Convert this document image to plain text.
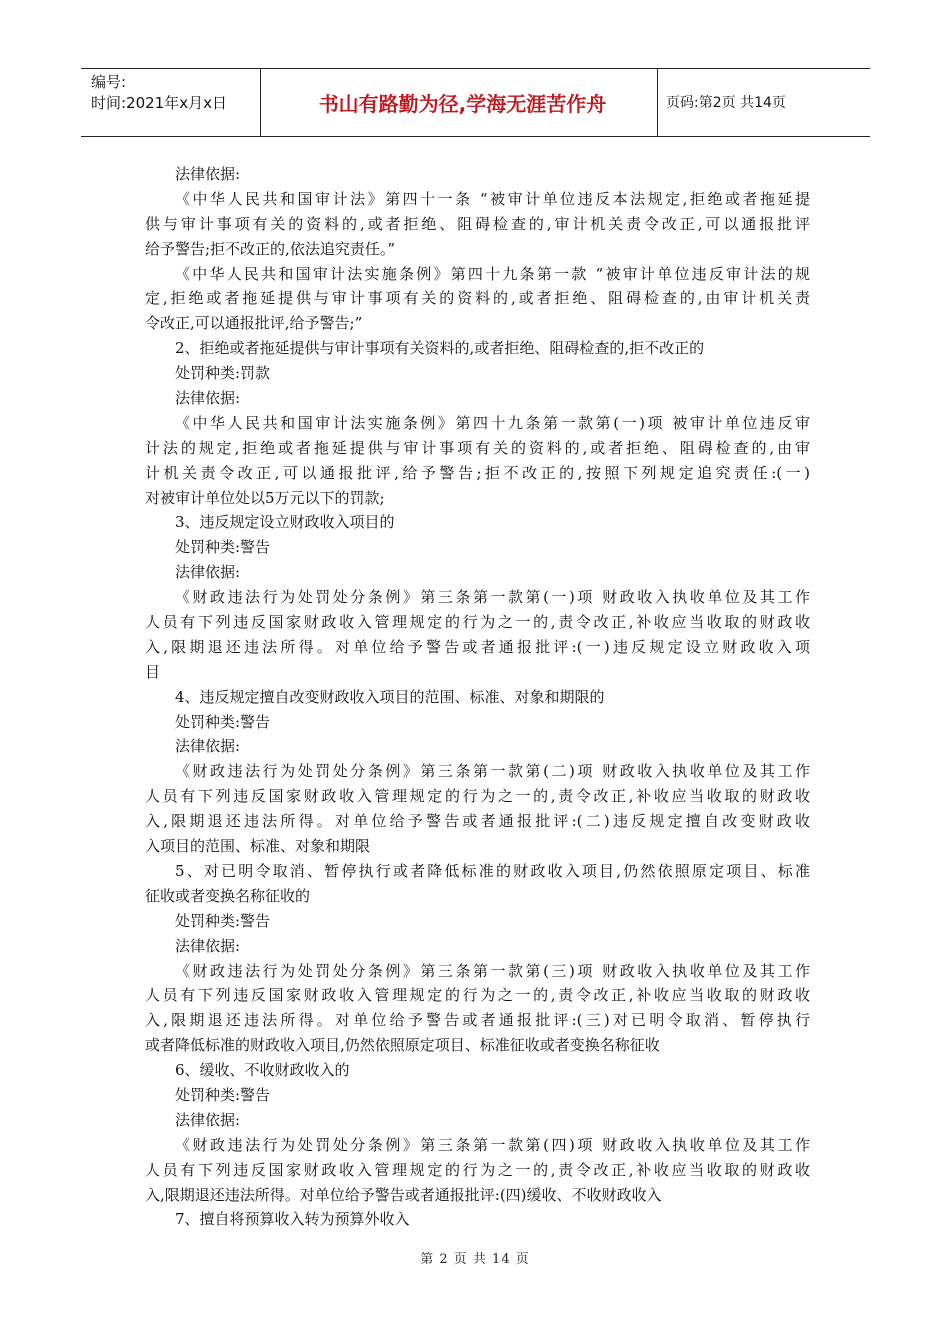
编号:
时间:2021年x月x日	书山有路勤为径,学海无涯苦作舟	页码:第2页 共14页
法律依据:
《中华人民共和国审计法》第四十一条 “被审计单位违反本法规定,拒绝或者拖延提
供与审计事项有关的资料的,或者拒绝、阻碍检查的,审计机关责令改正,可以通报批评
给予警告;拒不改正的,依法追究责任。”
《中华人民共和国审计法实施条例》第四十九条第一款 “被审计单位违反审计法的规
定,拒绝或者拖延提供与审计事项有关的资料的,或者拒绝、阻碍检查的,由审计机关责
令改正,可以通报批评,给予警告;”
2、拒绝或者拖延提供与审计事项有关资料的,或者拒绝、阻碍检查的,拒不改正的
处罚种类:罚款
法律依据:
《中华人民共和国审计法实施条例》第四十九条第一款第(一)项 被审计单位违反审
计法的规定,拒绝或者拖延提供与审计事项有关的资料的,或者拒绝、阻碍检查的,由审
计机关责令改正,可以通报批评,给予警告;拒不改正的,按照下列规定追究责任:(一)
对被审计单位处以5万元以下的罚款;
3、违反规定设立财政收入项目的
处罚种类:警告
法律依据:
《财政违法行为处罚处分条例》第三条第一款第(一)项 财政收入执收单位及其工作
人员有下列违反国家财政收入管理规定的行为之一的,责令改正,补收应当收取的财政收
入,限期退还违法所得。对单位给予警告或者通报批评:(一)违反规定设立财政收入项
目
4、违反规定擅自改变财政收入项目的范围、标准、对象和期限的
处罚种类:警告
法律依据:
《财政违法行为处罚处分条例》第三条第一款第(二)项 财政收入执收单位及其工作
人员有下列违反国家财政收入管理规定的行为之一的,责令改正,补收应当收取的财政收
入,限期退还违法所得。对单位给予警告或者通报批评:(二)违反规定擅自改变财政收
入项目的范围、标准、对象和期限
5、对已明令取消、暂停执行或者降低标准的财政收入项目,仍然依照原定项目、标准
征收或者变换名称征收的
处罚种类:警告
法律依据:
《财政违法行为处罚处分条例》第三条第一款第(三)项 财政收入执收单位及其工作
人员有下列违反国家财政收入管理规定的行为之一的,责令改正,补收应当收取的财政收
入,限期退还违法所得。对单位给予警告或者通报批评:(三)对已明令取消、暂停执行
或者降低标准的财政收入项目,仍然依照原定项目、标准征收或者变换名称征收
6、缓收、不收财政收入的
处罚种类:警告
法律依据:
《财政违法行为处罚处分条例》第三条第一款第(四)项 财政收入执收单位及其工作
人员有下列违反国家财政收入管理规定的行为之一的,责令改正,补收应当收取的财政收
入,限期退还违法所得。对单位给予警告或者通报批评:(四)缓收、不收财政收入
7、擅自将预算收入转为预算外收入
第 2 页 共 14 页
